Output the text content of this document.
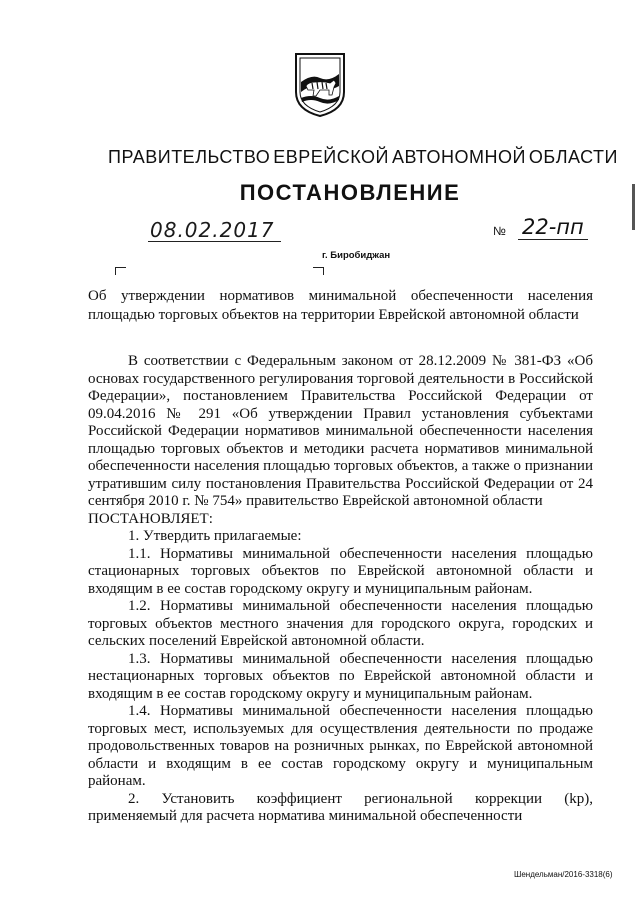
ПРАВИТЕЛЬСТВО ЕВРЕЙСКОЙ АВТОНОМНОЙ ОБЛАСТИ
ПОСТАНОВЛЕНИЕ
08.02.2017	№ 22-пп
г. Биробиджан
Об утверждении нормативов минимальной обеспеченности населения площадью торговых объектов на территории Еврейской автономной области

В соответствии с Федеральным законом от 28.12.2009 № 381-ФЗ «Об основах государственного регулирования торговой деятельности в Российской Федерации», постановлением Правительства Российской Федерации от 09.04.2016 № 291 «Об утверждении Правил установления субъектами Российской Федерации нормативов минимальной обеспеченности населения площадью торговых объектов и методики расчета нормативов минимальной обеспеченности населения площадью торговых объектов, а также о признании утратившим силу постановления Правительства Российской Федерации от 24 сентября 2010 г. № 754» правительство Еврейской автономной области

ПОСТАНОВЛЯЕТ:

1. Утвердить прилагаемые:

1.1. Нормативы минимальной обеспеченности населения площадью стационарных торговых объектов по Еврейской автономной области и входящим в ее состав городскому округу и муниципальным районам.

1.2. Нормативы минимальной обеспеченности населения площадью торговых объектов местного значения для городского округа, городских и сельских поселений Еврейской автономной области.

1.3. Нормативы минимальной обеспеченности населения площадью нестационарных торговых объектов по Еврейской автономной области и входящим в ее состав городскому округу и муниципальным районам.

1.4. Нормативы минимальной обеспеченности населения площадью торговых мест, используемых для осуществления деятельности по продаже продовольственных товаров на розничных рынках, по Еврейской автономной области и входящим в ее состав городскому округу и муниципальным районам.

2. Установить коэффициент региональной коррекции (kр), применяемый для расчета норматива минимальной обеспеченности

Шендельман/2016-3318(6)
